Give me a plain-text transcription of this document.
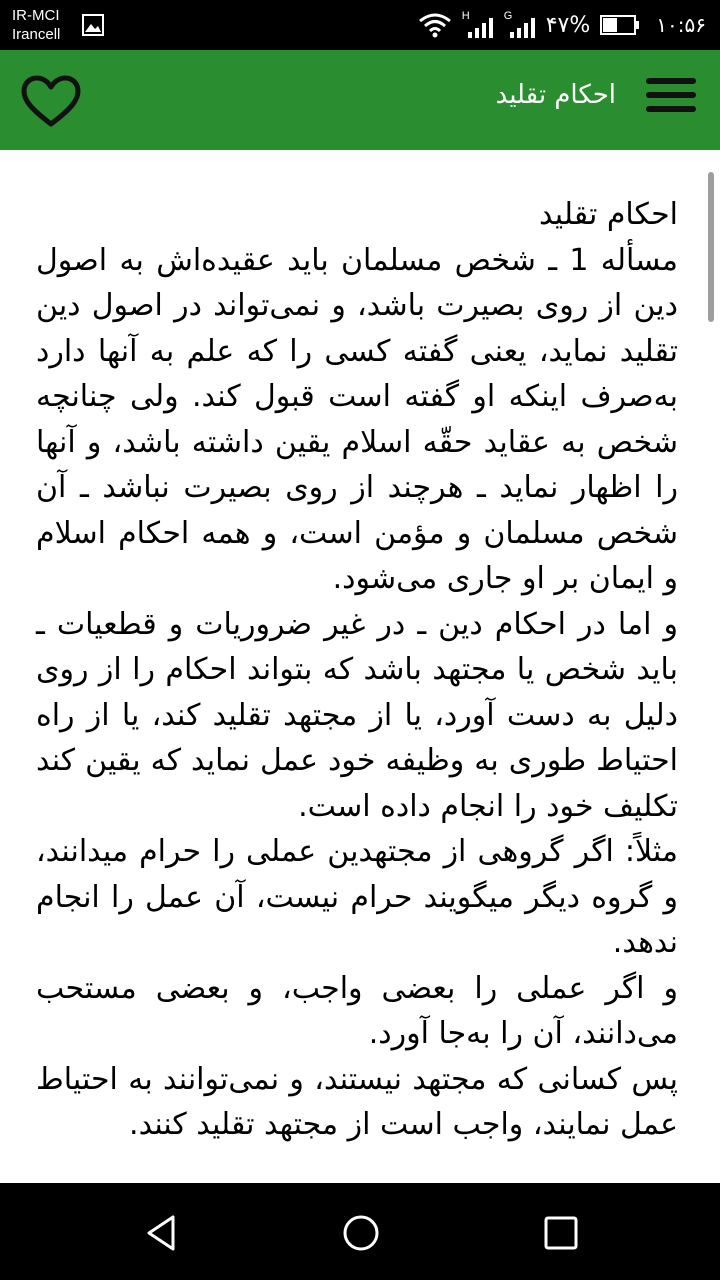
IR-MCI
Irancell
H	G ۴۷%	۱۰:۵۶
احکام تقلید

احکام تقلید

مسأله 1 ـ شخص مسلمان باید عقیده‌اش به اصول دین از روی بصیرت باشد، و نمی‌تواند در اصول دین تقلید نماید، یعنی گفته کسی را که علم به آنها دارد به‌صرف اینکه او گفته است قبول کند. ولی چنانچه شخص به عقاید حقّه اسلام یقین داشته باشد، و آنها را اظهار نماید ـ هرچند از روی بصیرت نباشد ـ آن شخص مسلمان و مؤمن است، و همه احکام اسلام و ایمان بر او جاری می‌شود.

و اما در احکام دین ـ در غیر ضروریات و قطعیات ـ باید شخص یا مجتهد باشد که بتواند احکام را از روی دلیل به دست آورد، یا از مجتهد تقلید کند، یا از راه احتیاط طوری به وظیفه خود عمل نماید که یقین کند تکلیف خود را انجام داده است.

مثلاً: اگر گروهی از مجتهدین عملی را حرام میدانند، و گروه دیگر میگویند حرام نیست، آن عمل را انجام ندهد.

و اگر عملی را بعضی واجب، و بعضی مستحب می‌دانند، آن را به‌جا آورد.

پس کسانی که مجتهد نیستند، و نمی‌توانند به احتیاط عمل نمایند، واجب است از مجتهد تقلید کنند.
